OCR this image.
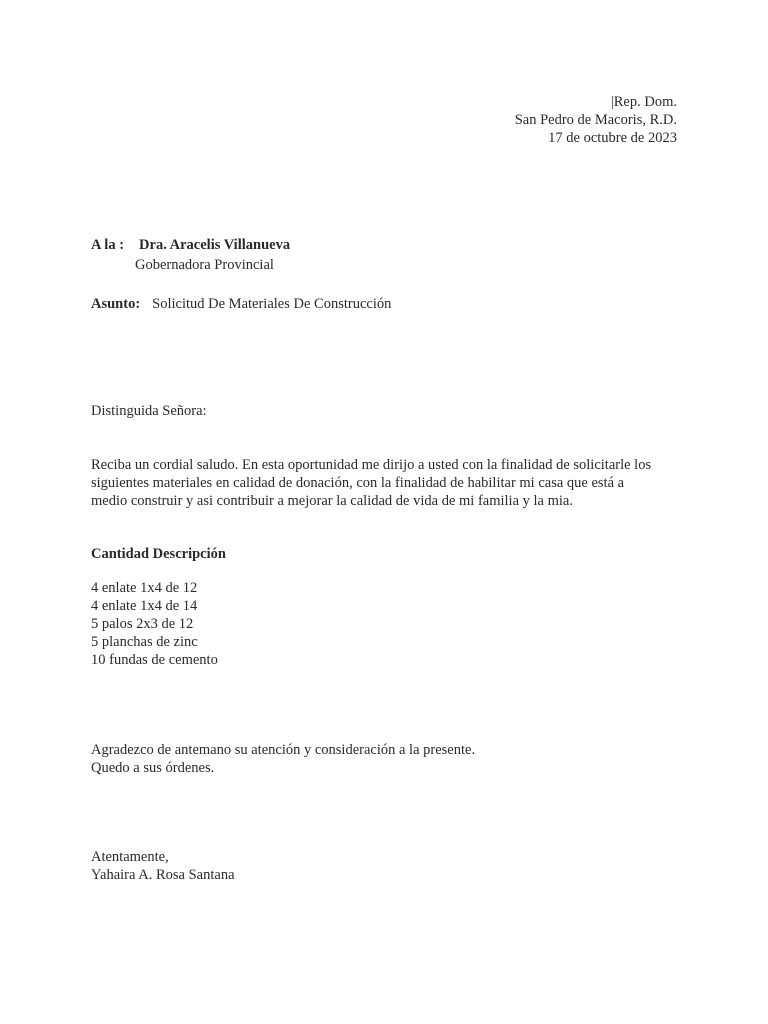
|Rep. Dom.
San Pedro de Macoris, R.D.
17 de octubre de 2023
A la : Dra. Aracelis Villanueva
Gobernadora Provincial
Asunto: Solicitud De Materiales De Construcción
Distinguida Señora:
Reciba un cordial saludo. En esta oportunidad me dirijo a usted con la finalidad de solicitarle los
siguientes materiales en calidad de donación, con la finalidad de habilitar mi casa que está a
medio construir y asi contribuir a mejorar la calidad de vida de mi familia y la mia.
Cantidad Descripción
4 enlate 1x4 de 12
4 enlate 1x4 de 14
5 palos 2x3 de 12
5 planchas de zinc
10 fundas de cemento
Agradezco de antemano su atención y consideración a la presente.
Quedo a sus órdenes.
Atentamente,
Yahaira A. Rosa Santana
